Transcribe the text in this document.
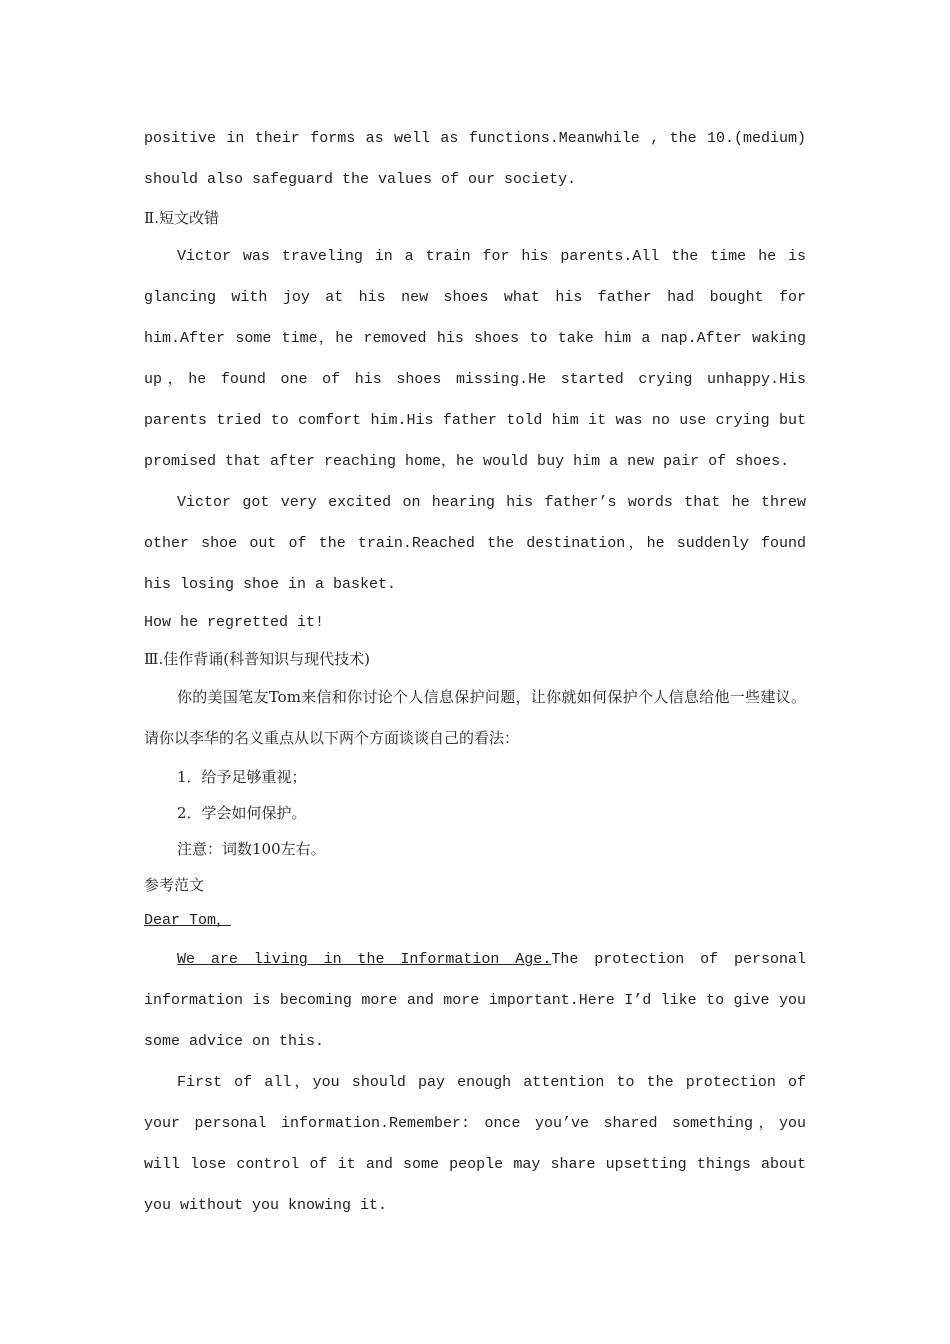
positive in their forms as well as functions.Meanwhile , the 10.(medium) should also safeguard the values of our society.

Ⅱ.短文改错

Victor was traveling in a train for his parents.All the time he is glancing with joy at his new shoes what his father had bought for him.After some time，he removed his shoes to take him a nap.After waking up，he found one of his shoes missing.He started crying unhappy.His parents tried to comfort him.His father told him it was no use crying but promised that after reaching home，he would buy him a new pair of shoes.

Victor got very excited on hearing his father’s words that he threw other shoe out of the train.Reached the destination，he suddenly found his losing shoe in a basket.

How he regretted it!

Ⅲ.佳作背诵(科普知识与现代技术)

你的美国笔友Tom来信和你讨论个人信息保护问题，让你就如何保护个人信息给他一些建议。请你以李华的名义重点从以下两个方面谈谈自己的看法：

1．给予足够重视；

2．学会如何保护。

注意：词数100左右。

参考范文

Dear Tom，

We are living in the Information Age.The protection of personal information is becoming more and more important.Here I’d like to give you some advice on this.

First of all，you should pay enough attention to the protection of your personal information.Remember: once you’ve shared something，you will lose control of it and some people may share upsetting things about you without you knowing it.
